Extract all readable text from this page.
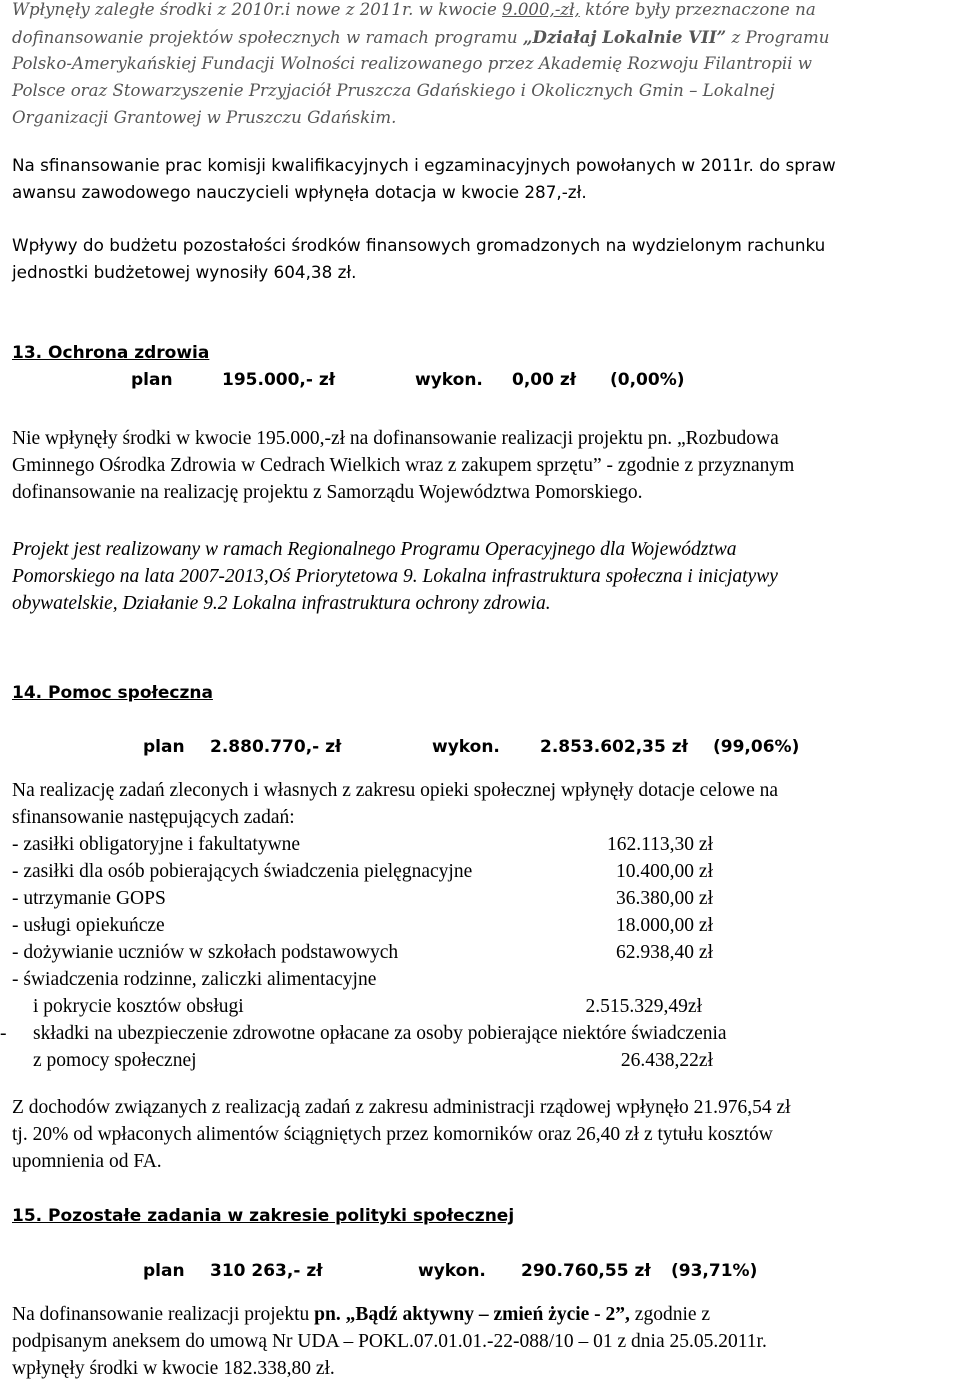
Wpłynęły zaległe środki z 2010r.i nowe z 2011r. w kwocie 9.000,-zł, które były przeznaczone na
dofinansowanie projektów społecznych w ramach programu „Działaj Lokalnie VII” z Programu
Polsko-Amerykańskiej Fundacji Wolności realizowanego przez Akademię Rozwoju Filantropii w
Polsce oraz Stowarzyszenie Przyjaciół Pruszcza Gdańskiego i Okolicznych Gmin – Lokalnej
Organizacji Grantowej w Pruszczu Gdańskim.
Na sfinansowanie prac komisji kwalifikacyjnych i egzaminacyjnych powołanych w 2011r. do spraw
awansu zawodowego nauczycieli wpłynęła dotacja w kwocie 287,-zł.
Wpływy do budżetu pozostałości środków finansowych gromadzonych na wydzielonym rachunku
jednostki budżetowej wynosiły 604,38 zł.
13. Ochrona zdrowia
plan	195.000,- zł	wykon. 0,00 zł (0,00%)
Nie wpłynęły środki w kwocie 195.000,-zł na dofinansowanie realizacji projektu pn. „Rozbudowa
Gminnego Ośrodka Zdrowia w Cedrach Wielkich wraz z zakupem sprzętu” - zgodnie z przyznanym
dofinansowanie na realizację projektu z Samorządu Województwa Pomorskiego.
Projekt jest realizowany w ramach Regionalnego Programu Operacyjnego dla Województwa
Pomorskiego na lata 2007-2013,Oś Priorytetowa 9. Lokalna infrastruktura społeczna i inicjatywy
obywatelskie, Działanie 9.2 Lokalna infrastruktura ochrony zdrowia.
14. Pomoc społeczna
plan 2.880.770,- zł	wykon. 2.853.602,35 zł (99,06%)
Na realizację zadań zleconych i własnych z zakresu opieki społecznej wpłynęły dotacje celowe na
sfinansowanie następujących zadań:
- zasiłki obligatoryjne i fakultatywne	162.113,30 zł
- zasiłki dla osób pobierających świadczenia pielęgnacyjne	10.400,00 zł
- utrzymanie GOPS	36.380,00 zł
- usługi opiekuńcze	18.000,00 zł
- dożywianie uczniów w szkołach podstawowych	62.938,40 zł
- świadczenia rodzinne, zaliczki alimentacyjne
i pokrycie kosztów obsługi	2.515.329,49zł
- składki na ubezpieczenie zdrowotne opłacane za osoby pobierające niektóre świadczenia
z pomocy społecznej	26.438,22zł
Z dochodów związanych z realizacją zadań z zakresu administracji rządowej wpłynęło 21.976,54 zł
tj. 20% od wpłaconych alimentów ściągniętych przez komorników oraz 26,40 zł z tytułu kosztów
upomnienia od FA.
15. Pozostałe zadania w zakresie polityki społecznej
plan 310 263,- zł	wykon. 290.760,55 zł (93,71%)
Na dofinansowanie realizacji projektu pn. „Bądź aktywny – zmień życie - 2”, zgodnie z
podpisanym aneksem do umową Nr UDA – POKL.07.01.01.-22-088/10 – 01 z dnia 25.05.2011r.
wpłynęły środki w kwocie 182.338,80 zł.
